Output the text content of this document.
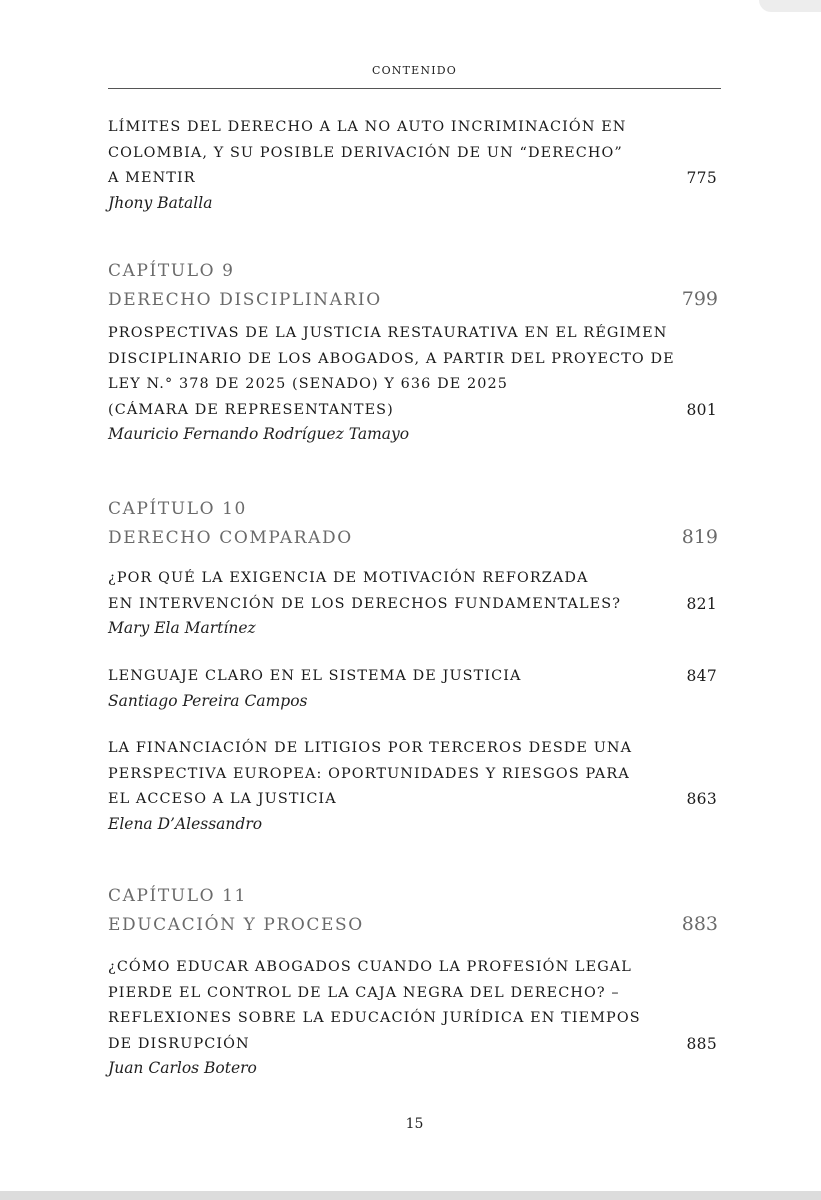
CONTENIDO
LÍMITES DEL DERECHO A LA NO AUTO INCRIMINACIÓN EN
COLOMBIA, Y SU POSIBLE DERIVACIÓN DE UN “DERECHO”
A MENTIR	775
Jhony Batalla
CAPÍTULO 9
DERECHO DISCIPLINARIO	799
PROSPECTIVAS DE LA JUSTICIA RESTAURATIVA EN EL RÉGIMEN
DISCIPLINARIO DE LOS ABOGADOS, A PARTIR DEL PROYECTO DE
LEY N.° 378 DE 2025 (SENADO) Y 636 DE 2025
(CÁMARA DE REPRESENTANTES)	801
Mauricio Fernando Rodríguez Tamayo
CAPÍTULO 10
DERECHO COMPARADO	819
¿POR QUÉ LA EXIGENCIA DE MOTIVACIÓN REFORZADA
EN INTERVENCIÓN DE LOS DERECHOS FUNDAMENTALES?	821
Mary Ela Martínez
LENGUAJE CLARO EN EL SISTEMA DE JUSTICIA	847
Santiago Pereira Campos
LA FINANCIACIÓN DE LITIGIOS POR TERCEROS DESDE UNA
PERSPECTIVA EUROPEA: OPORTUNIDADES Y RIESGOS PARA
EL ACCESO A LA JUSTICIA	863
Elena D’Alessandro
CAPÍTULO 11
EDUCACIÓN Y PROCESO	883
¿CÓMO EDUCAR ABOGADOS CUANDO LA PROFESIÓN LEGAL
PIERDE EL CONTROL DE LA CAJA NEGRA DEL DERECHO? –
REFLEXIONES SOBRE LA EDUCACIÓN JURÍDICA EN TIEMPOS
DE DISRUPCIÓN	885
Juan Carlos Botero
15
